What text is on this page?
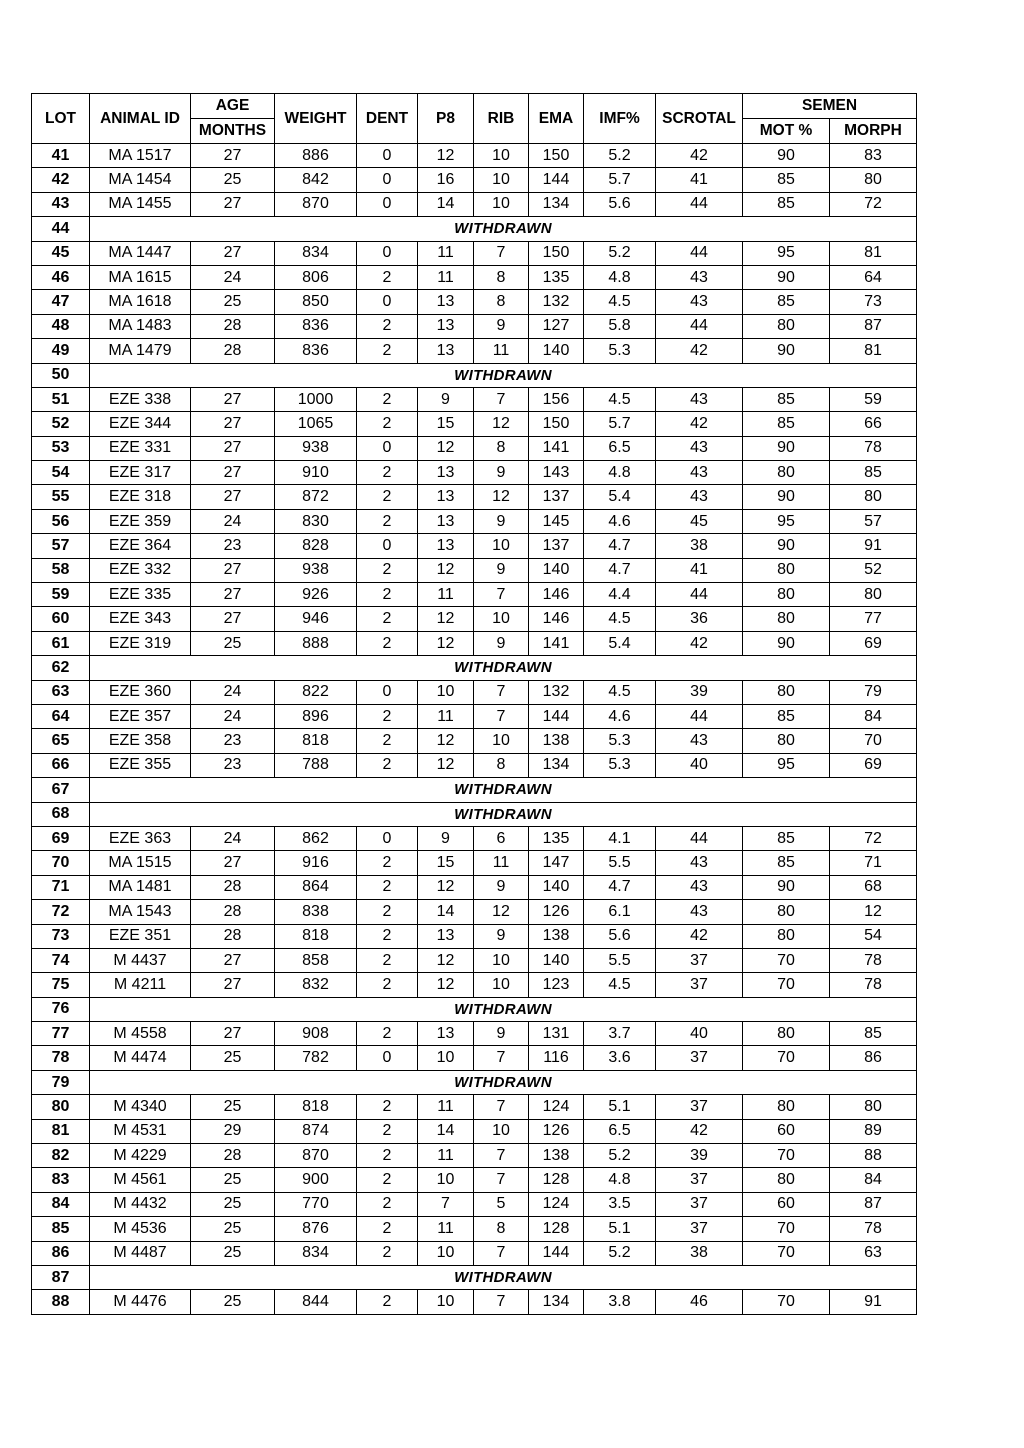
LOT	ANIMAL ID	AGE	WEIGHT	DENT	P8	RIB	EMA	IMF%	SCROTAL	SEMEN	
		MONTHS								MOT %	MORPH
41	MA 1517	27	886	0	12	10	150	5.2	42	90	83
42	MA 1454	25	842	0	16	10	144	5.7	41	85	80
43	MA 1455	27	870	0	14	10	134	5.6	44	85	72
44	WITHDRAWN										
45	MA 1447	27	834	0	11	7	150	5.2	44	95	81
46	MA 1615	24	806	2	11	8	135	4.8	43	90	64
47	MA 1618	25	850	0	13	8	132	4.5	43	85	73
48	MA 1483	28	836	2	13	9	127	5.8	44	80	87
49	MA 1479	28	836	2	13	11	140	5.3	42	90	81
50	WITHDRAWN										
51	EZE 338	27	1000	2	9	7	156	4.5	43	85	59
52	EZE 344	27	1065	2	15	12	150	5.7	42	85	66
53	EZE 331	27	938	0	12	8	141	6.5	43	90	78
54	EZE 317	27	910	2	13	9	143	4.8	43	80	85
55	EZE 318	27	872	2	13	12	137	5.4	43	90	80
56	EZE 359	24	830	2	13	9	145	4.6	45	95	57
57	EZE 364	23	828	0	13	10	137	4.7	38	90	91
58	EZE 332	27	938	2	12	9	140	4.7	41	80	52
59	EZE 335	27	926	2	11	7	146	4.4	44	80	80
60	EZE 343	27	946	2	12	10	146	4.5	36	80	77
61	EZE 319	25	888	2	12	9	141	5.4	42	90	69
62	WITHDRAWN										
63	EZE 360	24	822	0	10	7	132	4.5	39	80	79
64	EZE 357	24	896	2	11	7	144	4.6	44	85	84
65	EZE 358	23	818	2	12	10	138	5.3	43	80	70
66	EZE 355	23	788	2	12	8	134	5.3	40	95	69
67	WITHDRAWN										
68	WITHDRAWN										
69	EZE 363	24	862	0	9	6	135	4.1	44	85	72
70	MA 1515	27	916	2	15	11	147	5.5	43	85	71
71	MA 1481	28	864	2	12	9	140	4.7	43	90	68
72	MA 1543	28	838	2	14	12	126	6.1	43	80	12
73	EZE 351	28	818	2	13	9	138	5.6	42	80	54
74	M 4437	27	858	2	12	10	140	5.5	37	70	78
75	M 4211	27	832	2	12	10	123	4.5	37	70	78
76	WITHDRAWN										
77	M 4558	27	908	2	13	9	131	3.7	40	80	85
78	M 4474	25	782	0	10	7	116	3.6	37	70	86
79	WITHDRAWN										
80	M 4340	25	818	2	11	7	124	5.1	37	80	80
81	M 4531	29	874	2	14	10	126	6.5	42	60	89
82	M 4229	28	870	2	11	7	138	5.2	39	70	88
83	M 4561	25	900	2	10	7	128	4.8	37	80	84
84	M 4432	25	770	2	7	5	124	3.5	37	60	87
85	M 4536	25	876	2	11	8	128	5.1	37	70	78
86	M 4487	25	834	2	10	7	144	5.2	38	70	63
87	WITHDRAWN										
88	M 4476	25	844	2	10	7	134	3.8	46	70	91
